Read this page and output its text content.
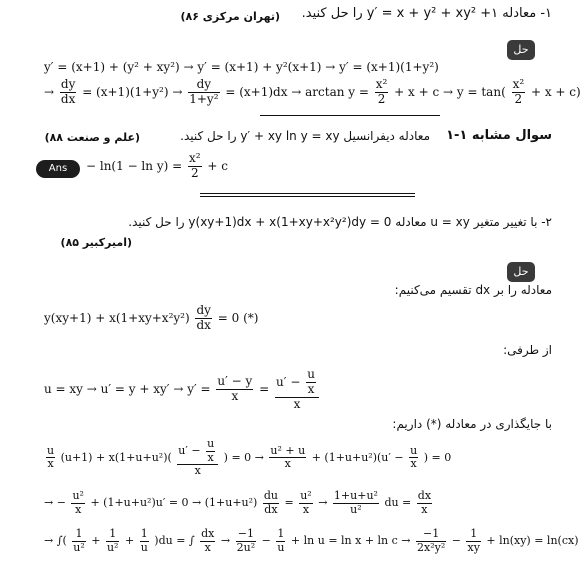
۱- معادله ۱+ y′ = x + y² + xy² را حل کنید.
(تهران مرکزی ۸۶)
حل
y′ = (x+1) + (y² + xy²) → y′ = (x+1) + y²(x+1) → y′ = (x+1)(1+y²)
→ $\frac{dy}{dx} = (x+1)(1+y^2) \to \frac{dy}{\text{1+y²}} = (x+1)dx \to \arctan y = \frac{\text{x²}}{2} + x + c \to y = \tan( \frac{\text{x²}}{2} + x + c)$
سوال مشابه ۱-۱
معادله دیفرانسیل y′ + xy ln y = xy را حل کنید.
(علم و صنعت ۸۸)
Ans	− $\ln(1 - \ln y) = \frac{\text{x²}}{2} + c$
۲- با تغییر متغیر u = xy معادله y(xy+1)dx + x(1+xy+x²y²)dy = 0 را حل کنید.
(امیرکبیر ۸۵)
حل
معادله را بر dx تقسیم می‌کنیم:
$y(xy+1) + x(1+xy+x^2y^2) \frac{dy}{dx} = 0$ (*)
از طرفی:
u = xy → $u' = y + xy' \to y' = \frac{u' - y}{x} = \frac{u' - \frac{u}{x}}{x}$
با جایگذاری در معادله (*) داریم:
$\frac{u}{x} (u+1) + x(1+u+u^2)( \frac{u' - \frac{u}{x}}{x}$ ) = $0 \to \frac{\text{u² + u}}{x} + (1+u+u^2)(u' - \frac{u}{x}$ ) = 0
→ − $\frac{\text{u²}}{x} + (1+u+u^2)u' = 0 \to (1+u+u^2) \frac{du}{dx} = \frac{\text{u²}}{x} \to \frac{\text{1+u+u²}}{\text{u²}}$ du = $\frac{dx}{x}$
→ ∫( $\frac{1}{\text{u²}} + \frac{1}{\text{u²}} + \frac{1}{u} )du$ = ∫ $\frac{dx}{x} \to \frac{-1}{\text{2u²}} - \frac{1}{u} + \ln u = \ln x + \ln c \to \frac{-1}{\text{2x²y²}} - \frac{1}{xy} + \ln(xy) = \ln(cx)$
